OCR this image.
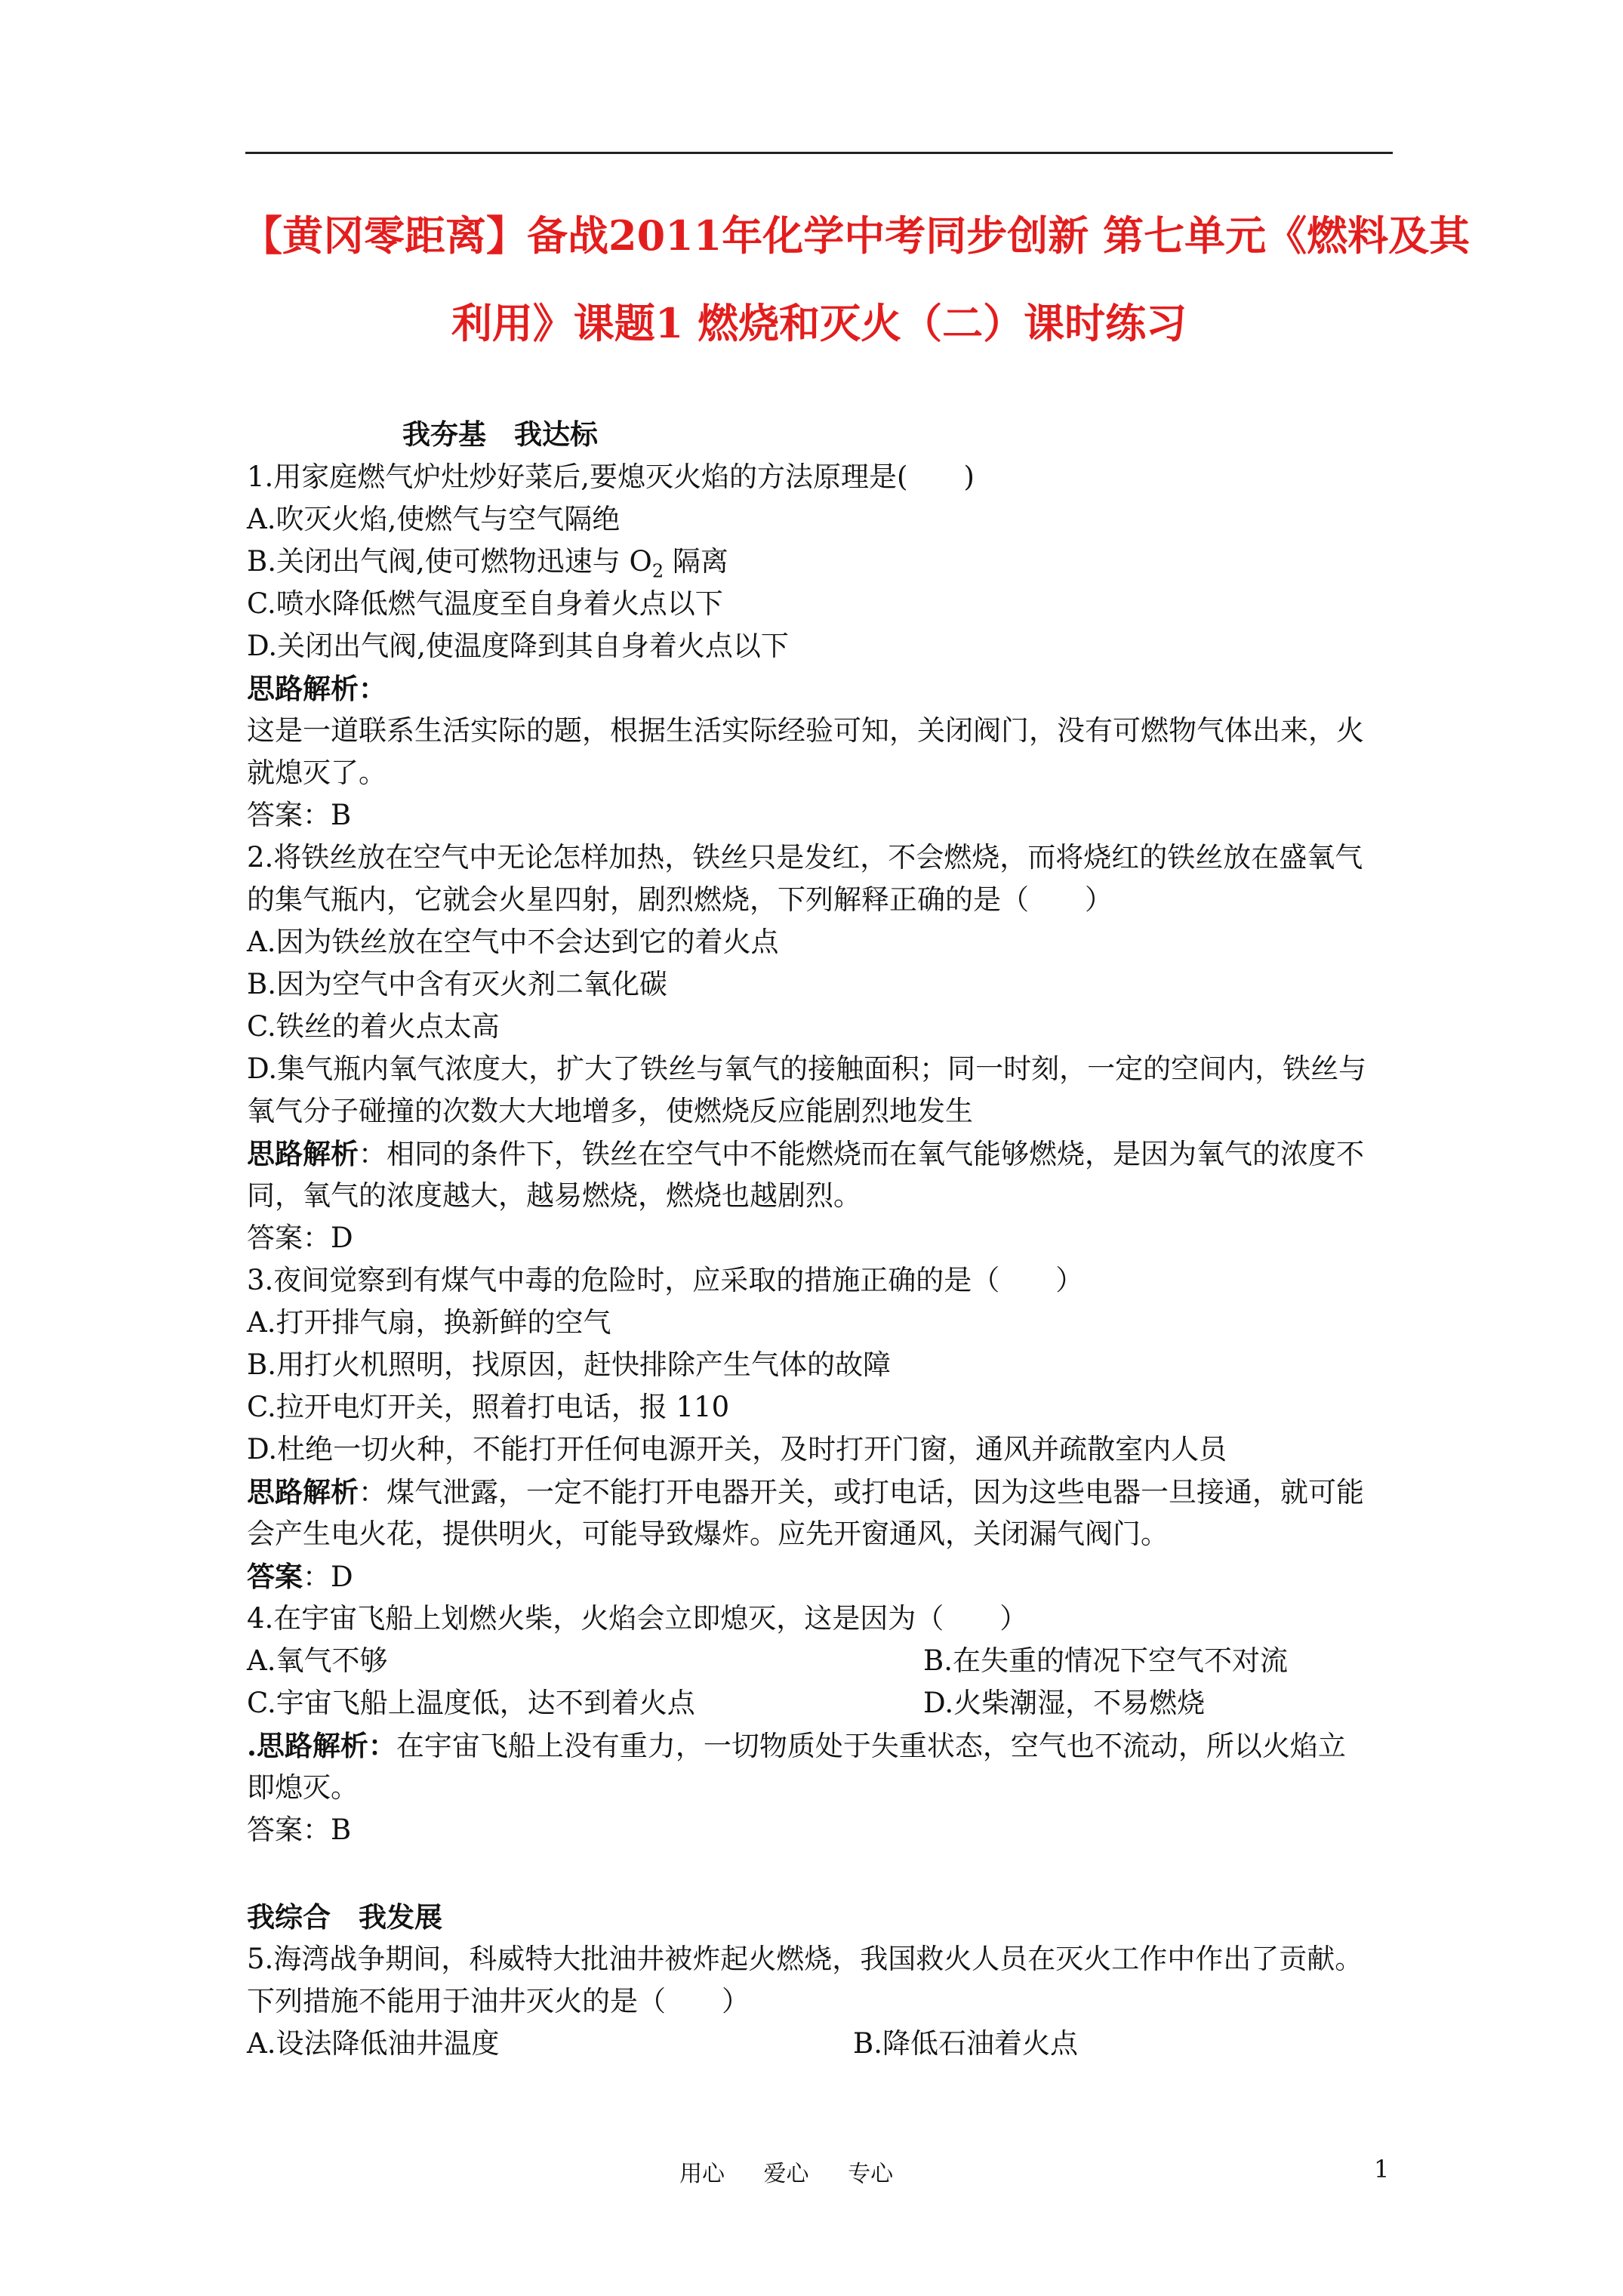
【黄冈零距离】备战2011年化学中考同步创新 第七单元《燃料及其
利用》课题1 燃烧和灭火（二）课时练习
我夯基　我达标
1.用家庭燃气炉灶炒好菜后,要熄灭火焰的方法原理是(　　)
A.吹灭火焰,使燃气与空气隔绝
B.关闭出气阀,使可燃物迅速与 $O_2$ 隔离
C.喷水降低燃气温度至自身着火点以下
D.关闭出气阀,使温度降到其自身着火点以下
思路解析：
这是一道联系生活实际的题，根据生活实际经验可知，关闭阀门，没有可燃物气体出来，火
就熄灭了。
答案：B
2.将铁丝放在空气中无论怎样加热，铁丝只是发红，不会燃烧，而将烧红的铁丝放在盛氧气
的集气瓶内，它就会火星四射，剧烈燃烧，下列解释正确的是（　　）
A.因为铁丝放在空气中不会达到它的着火点
B.因为空气中含有灭火剂二氧化碳
C.铁丝的着火点太高
D.集气瓶内氧气浓度大，扩大了铁丝与氧气的接触面积；同一时刻，一定的空间内，铁丝与
氧气分子碰撞的次数大大地增多，使燃烧反应能剧烈地发生
思路解析：相同的条件下，铁丝在空气中不能燃烧而在氧气能够燃烧，是因为氧气的浓度不
同，氧气的浓度越大，越易燃烧，燃烧也越剧烈。
答案：D
3.夜间觉察到有煤气中毒的危险时，应采取的措施正确的是（　　）
A.打开排气扇，换新鲜的空气
B.用打火机照明，找原因，赶快排除产生气体的故障
C.拉开电灯开关，照着打电话，报 110
D.杜绝一切火种，不能打开任何电源开关，及时打开门窗，通风并疏散室内人员
思路解析：煤气泄露，一定不能打开电器开关，或打电话，因为这些电器一旦接通，就可能
会产生电火花，提供明火，可能导致爆炸。应先开窗通风，关闭漏气阀门。
答案：D
4.在宇宙飞船上划燃火柴，火焰会立即熄灭，这是因为（　　）
A.氧气不够	B.在失重的情况下空气不对流
C.宇宙飞船上温度低，达不到着火点	D.火柴潮湿，不易燃烧
.思路解析：在宇宙飞船上没有重力，一切物质处于失重状态，空气也不流动，所以火焰立
即熄灭。
答案：B
我综合　我发展
5.海湾战争期间，科威特大批油井被炸起火燃烧，我国救火人员在灭火工作中作出了贡献。
下列措施不能用于油井灭火的是（　　）
A.设法降低油井温度	B.降低石油着火点
用心 爱心 专心	1
